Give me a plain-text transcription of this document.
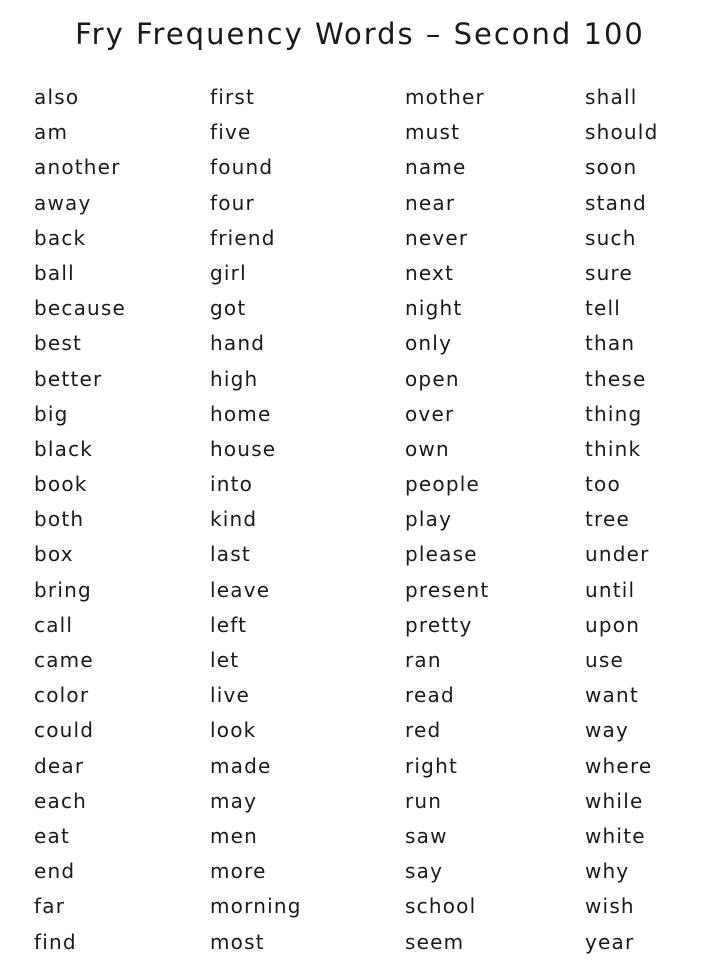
Fry Frequency Words – Second 100
also
am
another
away
back
ball
because
best
better
big
black
book
both
box
bring
call
came
color
could
dear
each
eat
end
far
find
first
five
found
four
friend
girl
got
hand
high
home
house
into
kind
last
leave
left
let
live
look
made
may
men
more
morning
most
mother
must
name
near
never
next
night
only
open
over
own
people
play
please
present
pretty
ran
read
red
right
run
saw
say
school
seem
shall
should
soon
stand
such
sure
tell
than
these
thing
think
too
tree
under
until
upon
use
want
way
where
while
white
why
wish
year
